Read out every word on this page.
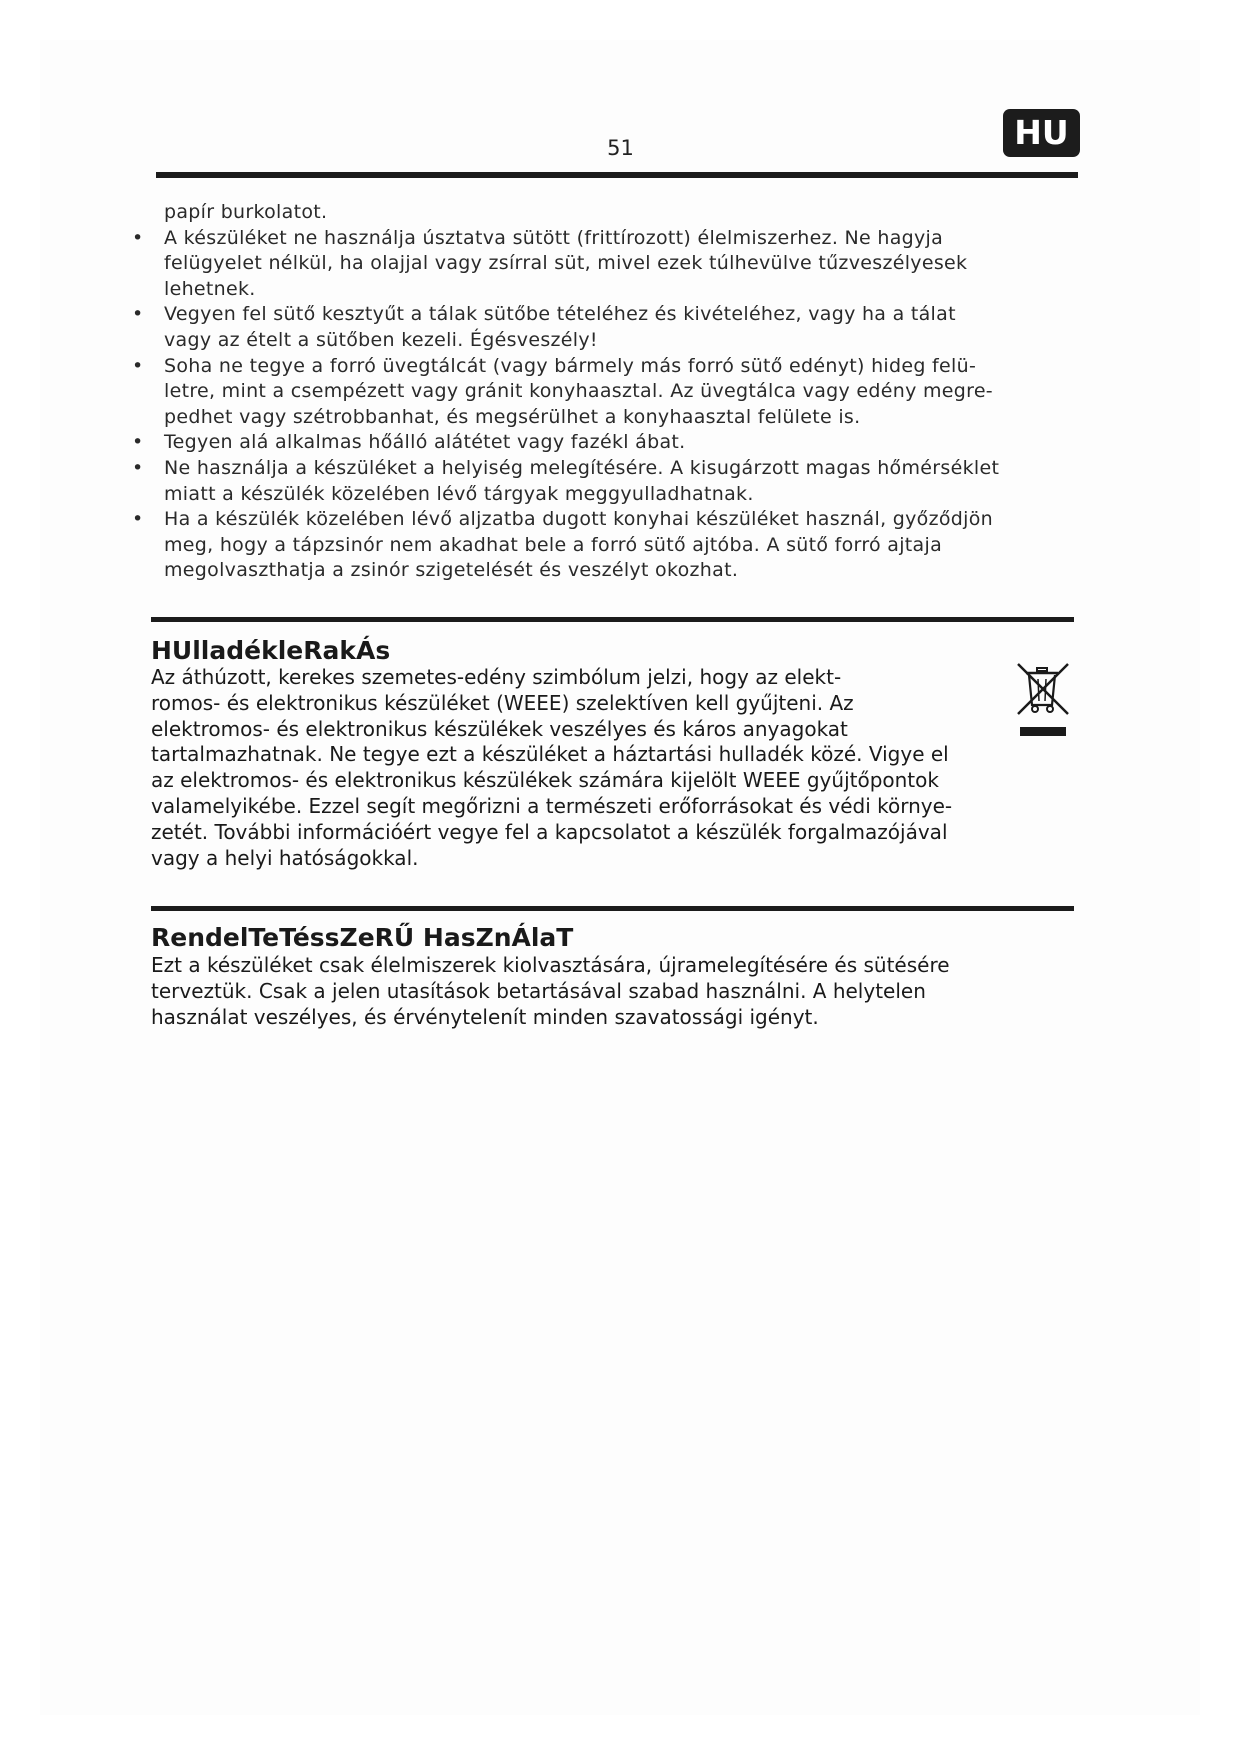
51	HU
papír burkolatot.
• A készüléket ne használja úsztatva sütött (frittírozott) élelmiszerhez. Ne hagyja
felügyelet nélkül, ha olajjal vagy zsírral süt, mivel ezek túlhevülve tűzveszélyesek
lehetnek.
• Vegyen fel sütő kesztyűt a tálak sütőbe tételéhez és kivételéhez, vagy ha a tálat
vagy az ételt a sütőben kezeli. Égésveszély!
• Soha ne tegye a forró üvegtálcát (vagy bármely más forró sütő edényt) hideg felü-
letre, mint a csempézett vagy gránit konyhaasztal. Az üvegtálca vagy edény megre-
pedhet vagy szétrobbanhat, és megsérülhet a konyhaasztal felülete is.
• Tegyen alá alkalmas hőálló alátétet vagy fazékl ábat.
• Ne használja a készüléket a helyiség melegítésére. A kisugárzott magas hőmérséklet
miatt a készülék közelében lévő tárgyak meggyulladhatnak.
• Ha a készülék közelében lévő aljzatba dugott konyhai készüléket használ, győződjön
meg, hogy a tápzsinór nem akadhat bele a forró sütő ajtóba. A sütő forró ajtaja
megolvaszthatja a zsinór szigetelését és veszélyt okozhat.
HUlladékleRakÁs
Az áthúzott, kerekes szemetes-edény szimbólum jelzi, hogy az elekt-
romos- és elektronikus készüléket (WEEE) szelektíven kell gyűjteni. Az
elektromos- és elektronikus készülékek veszélyes és káros anyagokat
tartalmazhatnak. Ne tegye ezt a készüléket a háztartási hulladék közé. Vigye el
az elektromos- és elektronikus készülékek számára kijelölt WEEE gyűjtőpontok
valamelyikébe. Ezzel segít megőrizni a természeti erőforrásokat és védi környe-
zetét. További információért vegye fel a kapcsolatot a készülék forgalmazójával
vagy a helyi hatóságokkal.
RendelTeTéssZeRŰ HasZnÁlaT
Ezt a készüléket csak élelmiszerek kiolvasztására, újramelegítésére és sütésére
terveztük. Csak a jelen utasítások betartásával szabad használni. A helytelen
használat veszélyes, és érvénytelenít minden szavatossági igényt.
